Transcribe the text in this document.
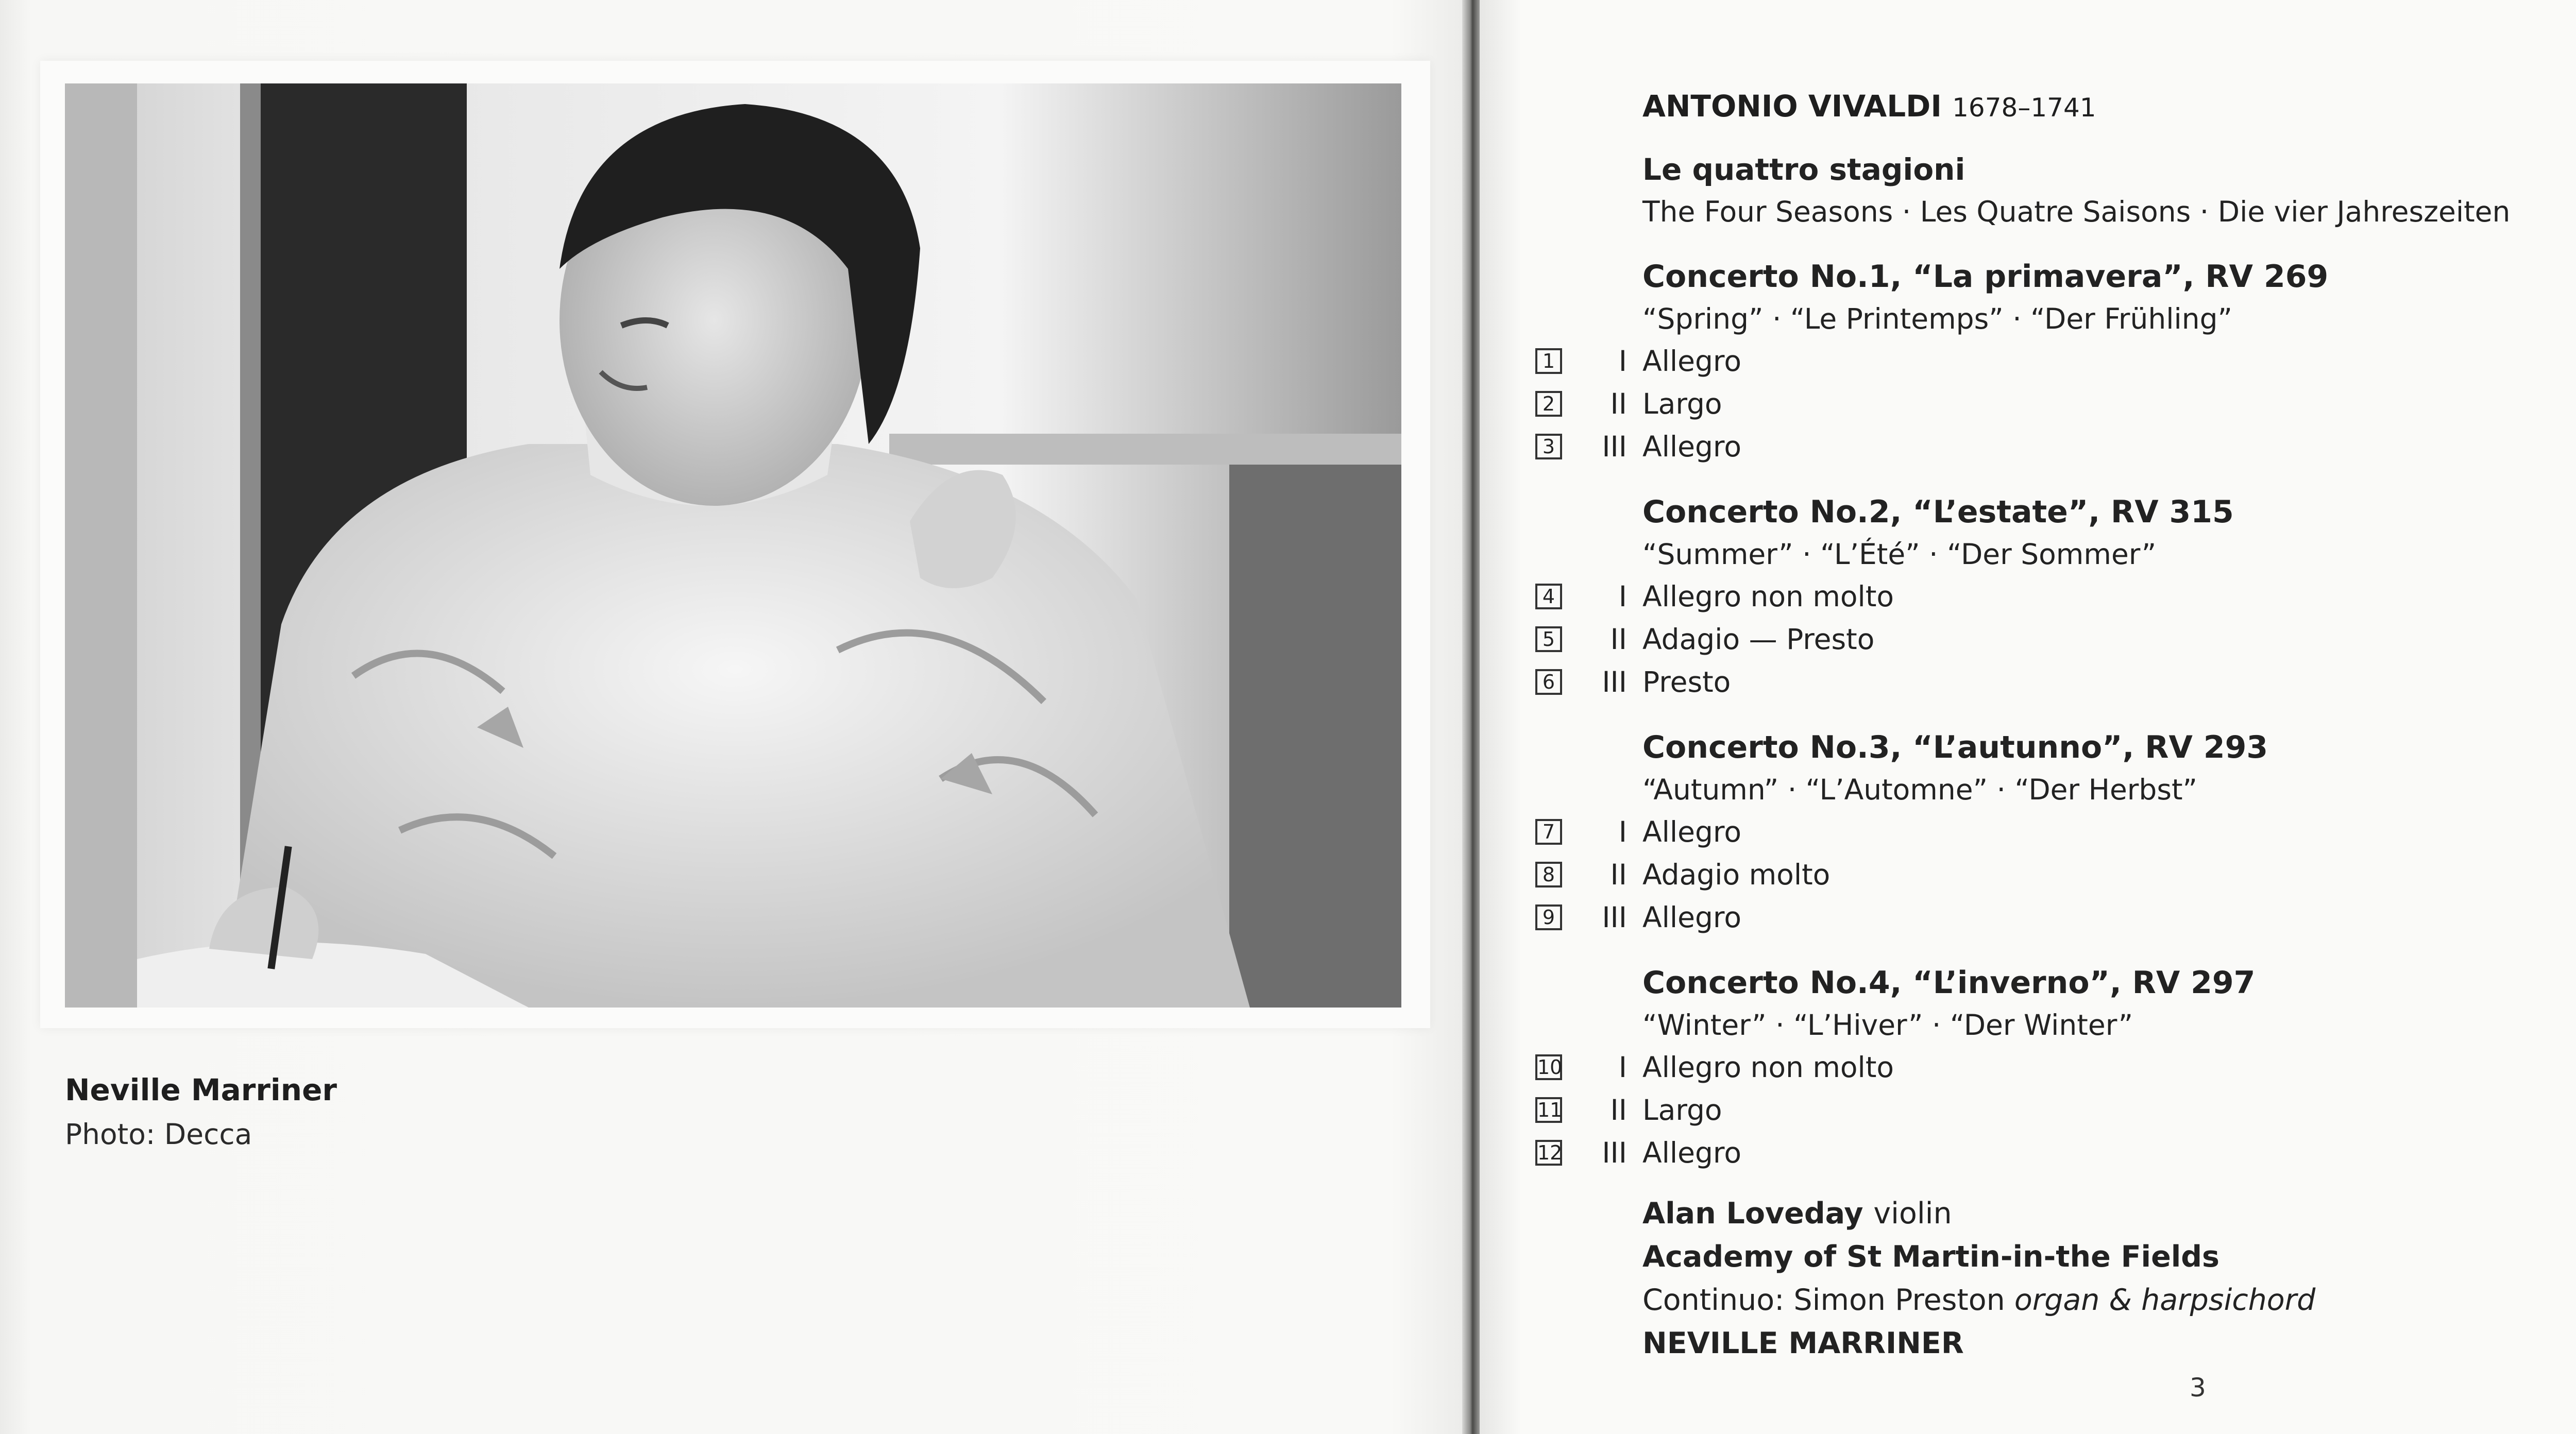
Neville Marriner
Photo: Decca
ANTONIO VIVALDI 1678–1741
Le quattro stagioni
The Four Seasons · Les Quatre Saisons · Die vier Jahreszeiten
Concerto No.1, “La primavera”, RV 269
“Spring” · “Le Printemps” · “Der Frühling”
1	I Allegro
2	II Largo
3	III Allegro
Concerto No.2, “L’estate”, RV 315
“Summer” · “L’Été” · “Der Sommer”
4	I Allegro non molto
5	II Adagio — Presto
6	III Presto
Concerto No.3, “L’autunno”, RV 293
“Autumn” · “L’Automne” · “Der Herbst”
7	I Allegro
8	II Adagio molto
9	III Allegro
Concerto No.4, “L’inverno”, RV 297
“Winter” · “L’Hiver” · “Der Winter”
10	I Allegro non molto
11	II Largo
12	III Allegro
Alan Loveday violin
Academy of St Martin-in-the Fields
Continuo: Simon Preston organ & harpsichord
NEVILLE MARRINER
3
